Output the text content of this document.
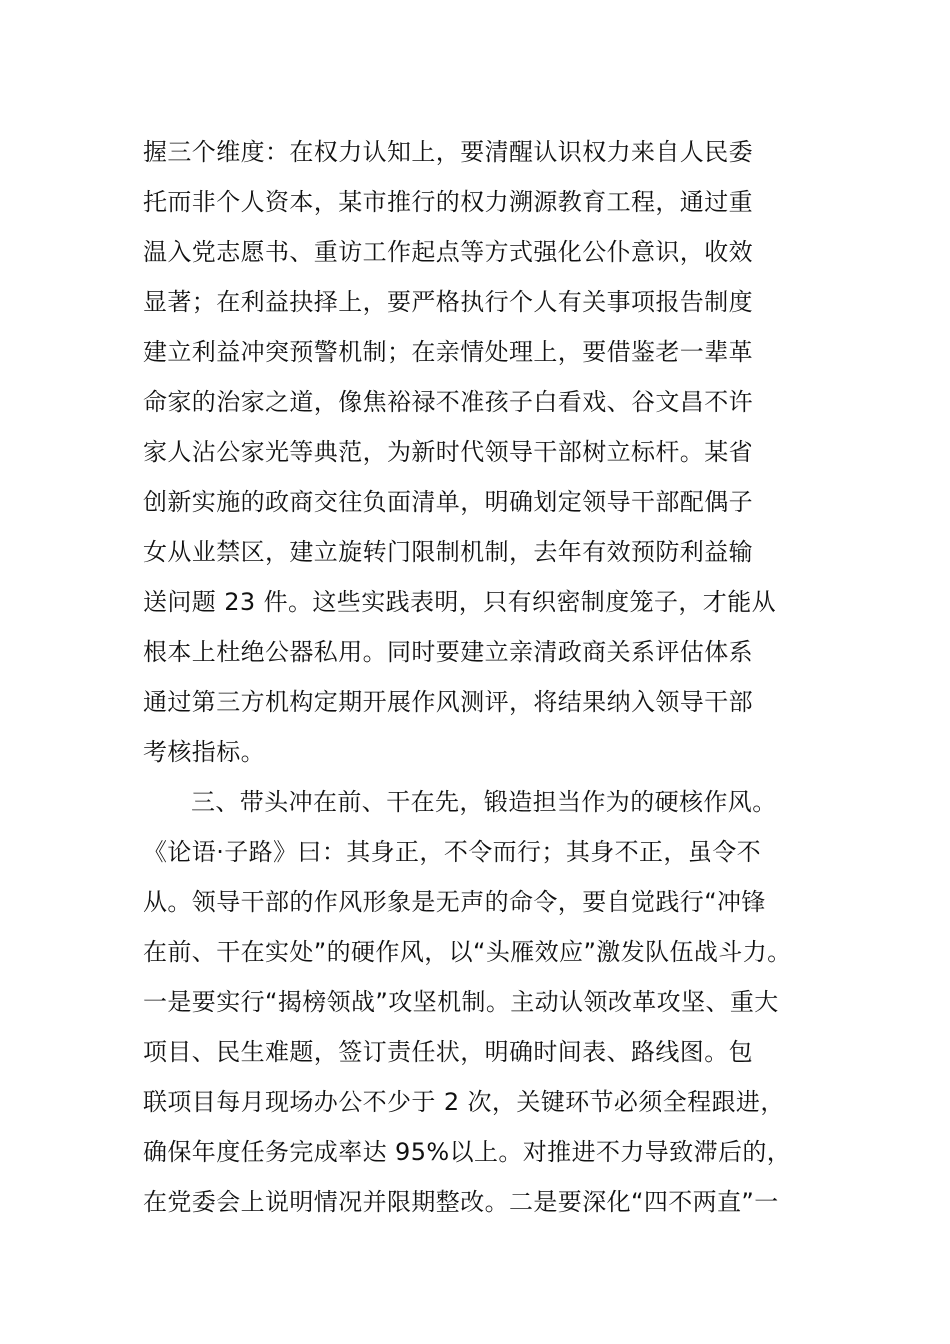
握三个维度：在权力认知上，要清醒认识权力来自人民委
托而非个人资本，某市推行的权力溯源教育工程，通过重
温入党志愿书、重访工作起点等方式强化公仆意识，收效
显著；在利益抉择上，要严格执行个人有关事项报告制度
建立利益冲突预警机制；在亲情处理上，要借鉴老一辈革
命家的治家之道，像焦裕禄不准孩子白看戏、谷文昌不许
家人沾公家光等典范，为新时代领导干部树立标杆。某省
创新实施的政商交往负面清单，明确划定领导干部配偶子
女从业禁区，建立旋转门限制机制，去年有效预防利益输
送问题 23 件。这些实践表明，只有织密制度笼子，才能从
根本上杜绝公器私用。同时要建立亲清政商关系评估体系
通过第三方机构定期开展作风测评，将结果纳入领导干部
考核指标。
三、带头冲在前、干在先，锻造担当作为的硬核作风。
《论语·子路》曰：其身正，不令而行；其身不正，虽令不
从。领导干部的作风形象是无声的命令，要自觉践行“冲锋
在前、干在实处”的硬作风，以“头雁效应”激发队伍战斗力。
一是要实行“揭榜领战”攻坚机制。主动认领改革攻坚、重大
项目、民生难题，签订责任状，明确时间表、路线图。包
联项目每月现场办公不少于 2 次，关键环节必须全程跟进，
确保年度任务完成率达 95%以上。对推进不力导致滞后的，
在党委会上说明情况并限期整改。二是要深化“四不两直”一
